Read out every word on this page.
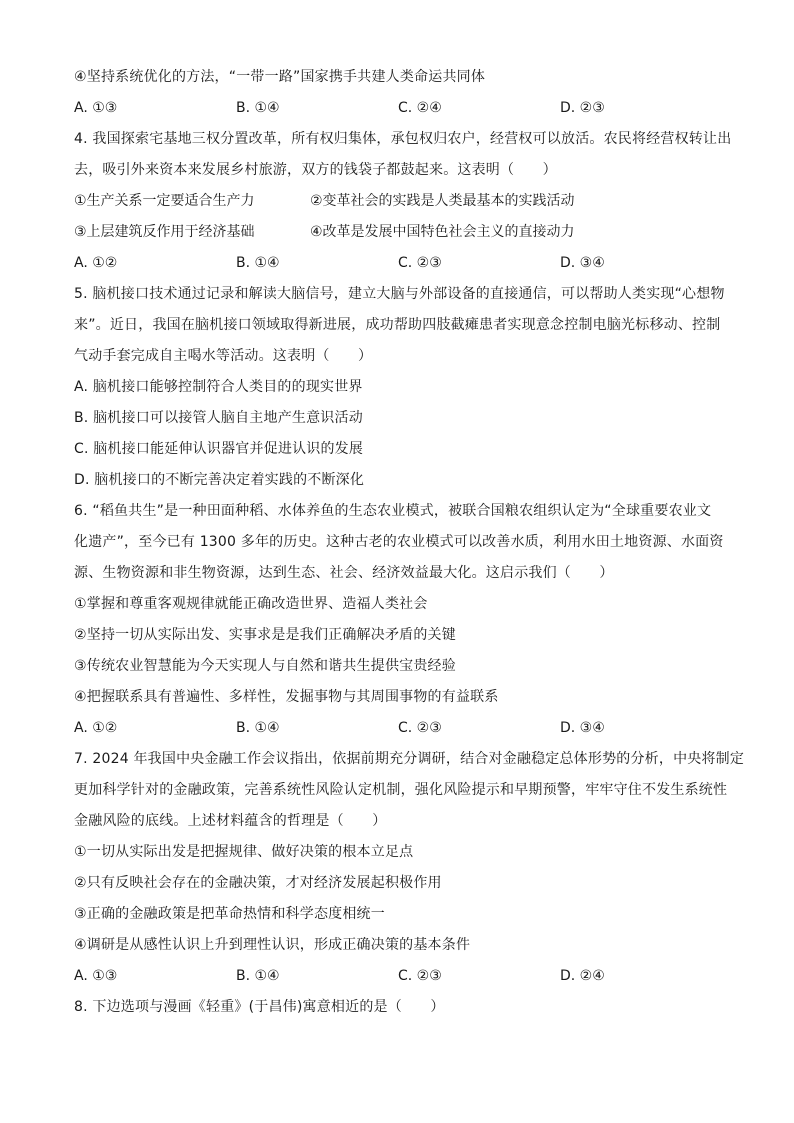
④坚持系统优化的方法，“一带一路”国家携手共建人类命运共同体
A. ①③	B. ①④	C. ②④	D. ②③
4. 我国探索宅基地三权分置改革，所有权归集体，承包权归农户，经营权可以放活。农民将经营权转让出
去，吸引外来资本来发展乡村旅游，双方的钱袋子都鼓起来。这表明（　　）
①生产关系一定要适合生产力	②变革社会的实践是人类最基本的实践活动
③上层建筑反作用于经济基础	④改革是发展中国特色社会主义的直接动力
A. ①②	B. ①④	C. ②③	D. ③④
5. 脑机接口技术通过记录和解读大脑信号，建立大脑与外部设备的直接通信，可以帮助人类实现“心想物
来”。近日，我国在脑机接口领域取得新进展，成功帮助四肢截瘫患者实现意念控制电脑光标移动、控制
气动手套完成自主喝水等活动。这表明（　　）
A. 脑机接口能够控制符合人类目的的现实世界
B. 脑机接口可以接管人脑自主地产生意识活动
C. 脑机接口能延伸认识器官并促进认识的发展
D. 脑机接口的不断完善决定着实践的不断深化
6. “稻鱼共生”是一种田面种稻、水体养鱼的生态农业模式，被联合国粮农组织认定为“全球重要农业文
化遗产”，至今已有 1300 多年的历史。这种古老的农业模式可以改善水质，利用水田土地资源、水面资
源、生物资源和非生物资源，达到生态、社会、经济效益最大化。这启示我们（　　）
①掌握和尊重客观规律就能正确改造世界、造福人类社会
②坚持一切从实际出发、实事求是是我们正确解决矛盾的关键
③传统农业智慧能为今天实现人与自然和谐共生提供宝贵经验
④把握联系具有普遍性、多样性，发掘事物与其周围事物的有益联系
A. ①②	B. ①④	C. ②③	D. ③④
7. 2024 年我国中央金融工作会议指出，依据前期充分调研，结合对金融稳定总体形势的分析，中央将制定
更加科学针对的金融政策，完善系统性风险认定机制，强化风险提示和早期预警，牢牢守住不发生系统性
金融风险的底线。上述材料蕴含的哲理是（　　）
①一切从实际出发是把握规律、做好决策的根本立足点
②只有反映社会存在的金融决策，才对经济发展起积极作用
③正确的金融政策是把革命热情和科学态度相统一
④调研是从感性认识上升到理性认识，形成正确决策的基本条件
A. ①③	B. ①④	C. ②③	D. ②④
8. 下边选项与漫画《轻重》(于昌伟)寓意相近的是（　　）
